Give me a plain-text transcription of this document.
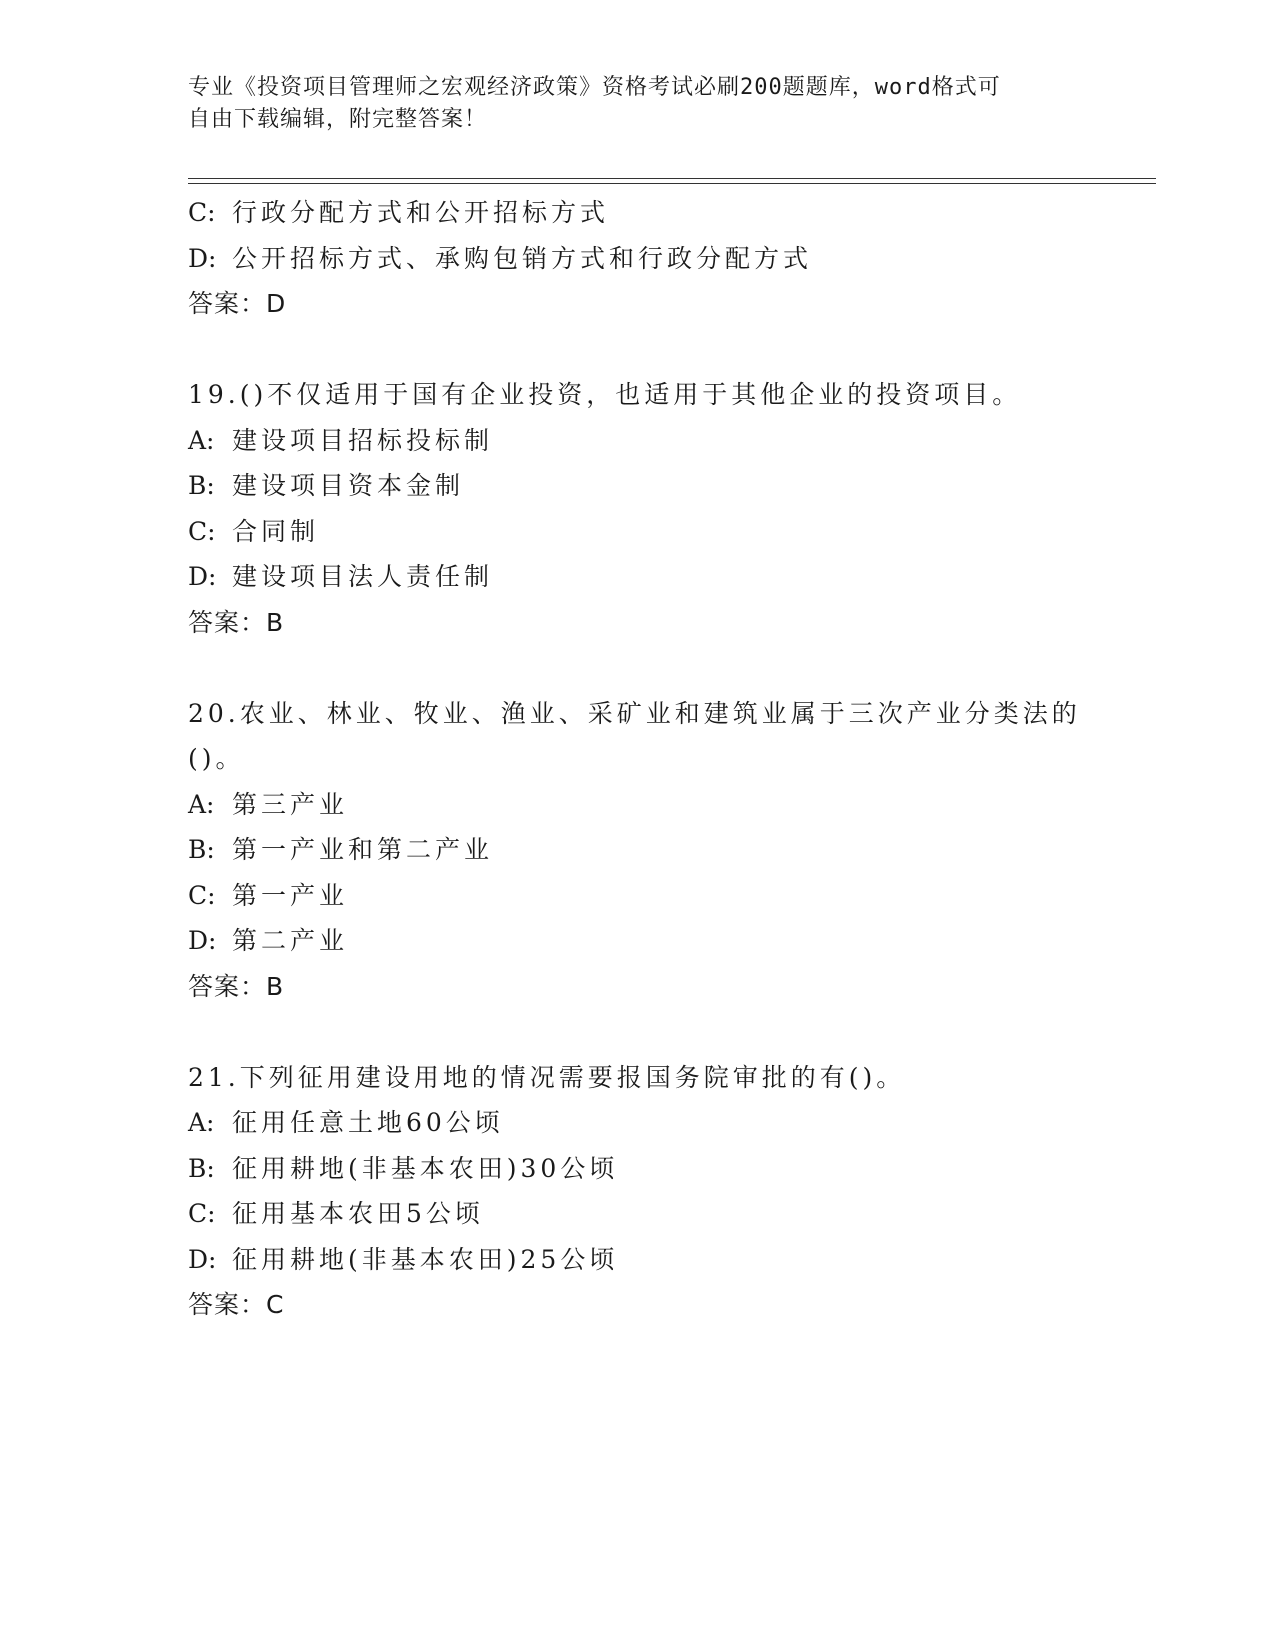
专业《投资项目管理师之宏观经济政策》资格考试必刷200题题库，word格式可
自由下载编辑，附完整答案！
C: 行政分配方式和公开招标方式
D: 公开招标方式、承购包销方式和行政分配方式
答案：D
19.()不仅适用于国有企业投资，也适用于其他企业的投资项目。
A: 建设项目招标投标制
B: 建设项目资本金制
C: 合同制
D: 建设项目法人责任制
答案：B
20.农业、林业、牧业、渔业、采矿业和建筑业属于三次产业分类法的
()。
A: 第三产业
B: 第一产业和第二产业
C: 第一产业
D: 第二产业
答案：B
21.下列征用建设用地的情况需要报国务院审批的有()。
A: 征用任意土地60公顷
B: 征用耕地(非基本农田)30公顷
C: 征用基本农田5公顷
D: 征用耕地(非基本农田)25公顷
答案：C
